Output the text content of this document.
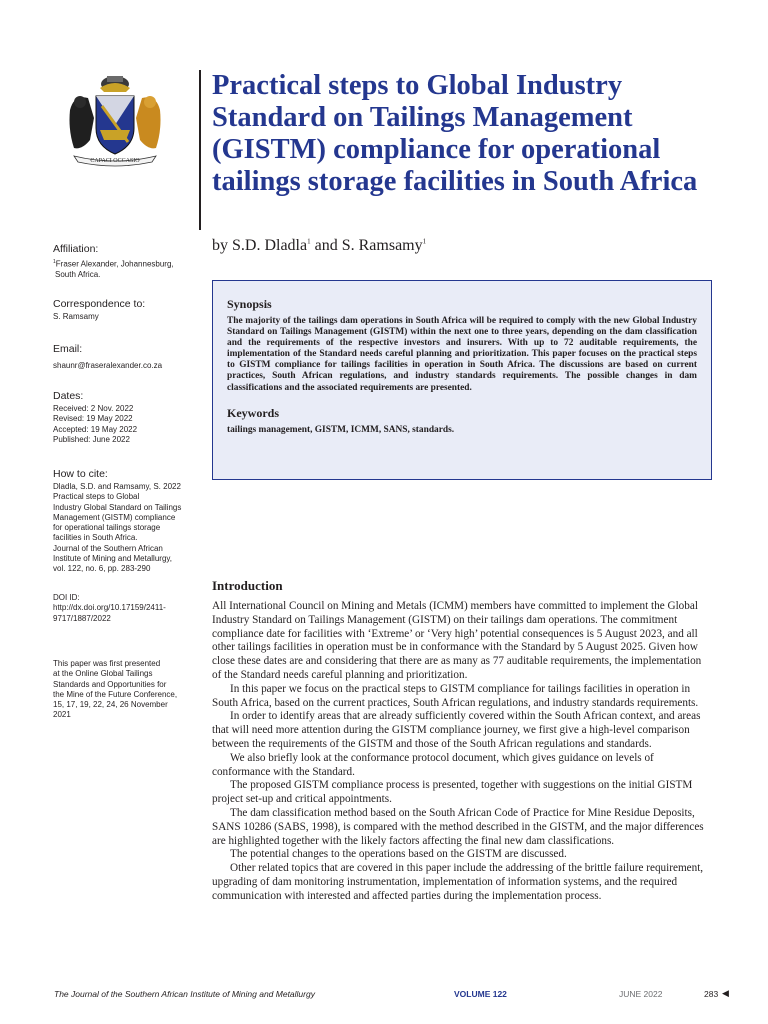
CAPACI OCCASIO
Practical steps to Global Industry Standard on Tailings Management (GISTM) compliance for operational tailings storage facilities in South Africa
by S.D. Dladla$^1$ and S. Ramsamy$^1$

Affiliation:

$^1$Fraser Alexander, Johannesburg,
South Africa.

Correspondence to:

S. Ramsamy

Email:

shaunr@fraseralexander.co.za

Dates:

Received: 2 Nov. 2022
Revised: 19 May 2022
Accepted: 19 May 2022
Published: June 2022

How to cite:

Dladla, S.D. and Ramsamy, S. 2022
Practical steps to Global
Industry Global Standard on Tailings
Management (GISTM) compliance
for operational tailings storage
facilities in South Africa.
Journal of the Southern African
Institute of Mining and Metallurgy,
vol. 122, no. 6, pp. 283-290

DOI ID:

http://dx.doi.org/10.17159/2411-
9717/1887/2022

This paper was first presented
at the Online Global Tailings
Standards and Opportunities for
the Mine of the Future Conference,
15, 17, 19, 22, 24, 26 November
2021

Synopsis

The majority of the tailings dam operations in South Africa will be required to comply with the new Global Industry Standard on Tailings Management (GISTM) within the next one to three years, depending on the dam classification and the requirements of the respective investors and insurers. With up to 72 auditable requirements, the implementation of the Standard needs careful planning and prioritization. This paper focuses on the practical steps to GISTM compliance for tailings facilities in operation in South Africa. The discussions are based on current practices, South African regulations, and industry standards requirements. The possible changes in dam classifications and the associated requirements are presented.

Keywords

tailings management, GISTM, ICMM, SANS, standards.

Introduction

All International Council on Mining and Metals (ICMM) members have committed to implement the Global Industry Standard on Tailings Management (GISTM) on their tailings dam operations. The commitment compliance date for facilities with ‘Extreme’ or ‘Very high’ potential consequences is 5 August 2023, and all other tailings facilities in operation must be in conformance with the Standard by 5 August 2025. Given how close these dates are and considering that there are as many as 77 auditable requirements, the implementation of the Standard needs careful planning and prioritization.

In this paper we focus on the practical steps to GISTM compliance for tailings facilities in operation in South Africa, based on the current practices, South African regulations, and industry standards requirements.

In order to identify areas that are already sufficiently covered within the South African context, and areas that will need more attention during the GISTM compliance journey, we first give a high-level comparison between the requirements of the GISTM and those of the South African regulations and standards.

We also briefly look at the conformance protocol document, which gives guidance on levels of conformance with the Standard.

The proposed GISTM compliance process is presented, together with suggestions on the initial GISTM project set-up and critical appointments.

The dam classification method based on the South African Code of Practice for Mine Residue Deposits, SANS 10286 (SABS, 1998), is compared with the method described in the GISTM, and the major differences are highlighted together with the likely factors affecting the final new dam classifications.

The potential changes to the operations based on the GISTM are discussed.

Other related topics that are covered in this paper include the addressing of the brittle failure requirement, upgrading of dam monitoring instrumentation, implementation of information systems, and the required communication with interested and affected parties during the implementation process.

The Journal of the Southern African Institute of Mining and Metallurgy	VOLUME 122	JUNE 2022	283 ◀
